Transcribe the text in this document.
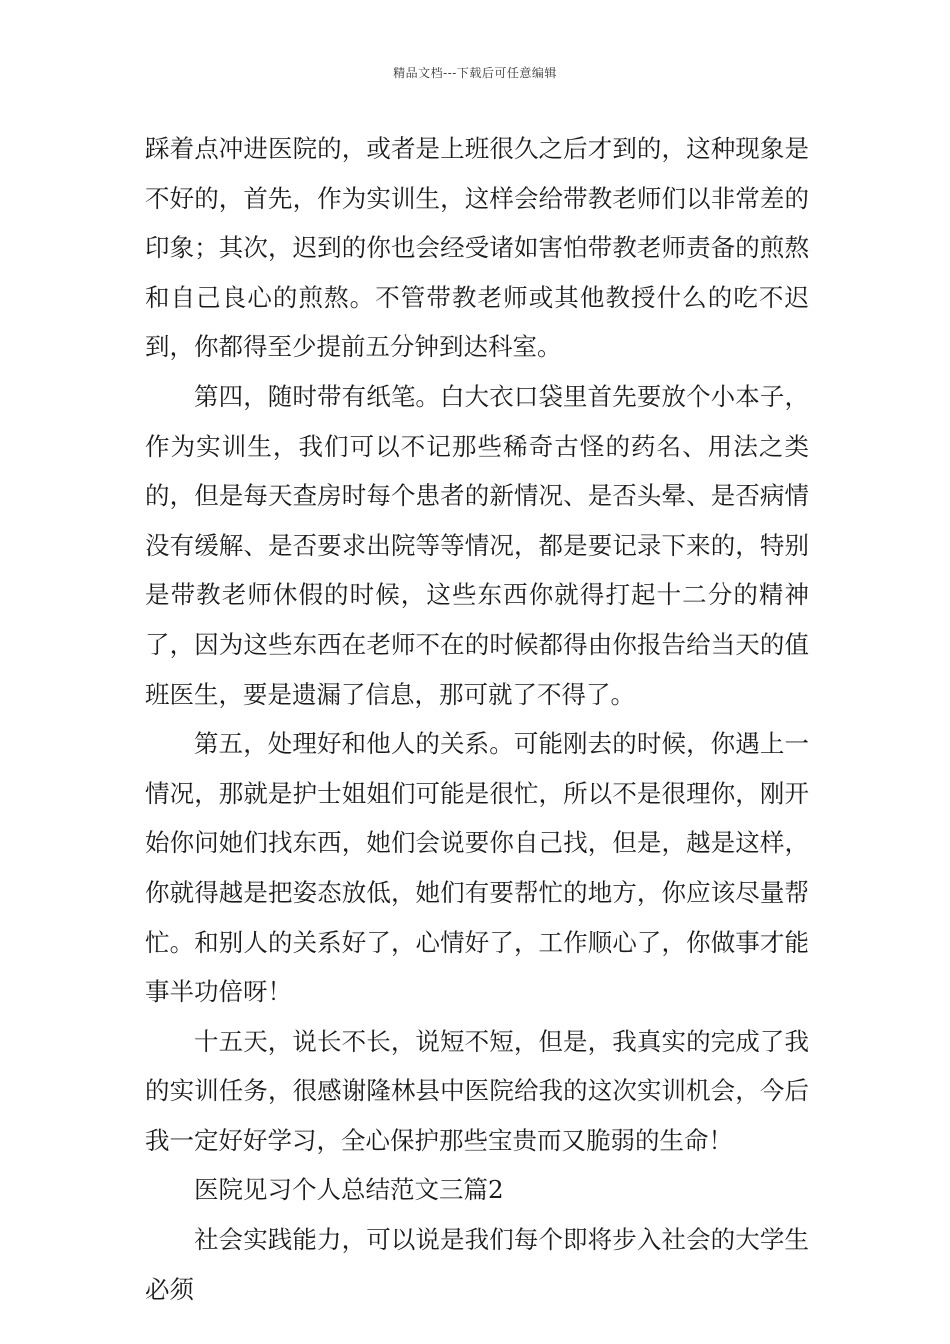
精品文档---下载后可任意编辑

踩着点冲进医院的，或者是上班很久之后才到的，这种现象是不好的，首先，作为实训生，这样会给带教老师们以非常差的印象；其次，迟到的你也会经受诸如害怕带教老师责备的煎熬和自己良心的煎熬。不管带教老师或其他教授什么的吃不迟到，你都得至少提前五分钟到达科室。

第四，随时带有纸笔。白大衣口袋里首先要放个小本子，作为实训生，我们可以不记那些稀奇古怪的药名、用法之类的，但是每天查房时每个患者的新情况、是否头晕、是否病情没有缓解、是否要求出院等等情况，都是要记录下来的，特别是带教老师休假的时候，这些东西你就得打起十二分的精神了，因为这些东西在老师不在的时候都得由你报告给当天的值班医生，要是遗漏了信息，那可就了不得了。

第五，处理好和他人的关系。可能刚去的时候，你遇上一情况，那就是护士姐姐们可能是很忙，所以不是很理你，刚开始你问她们找东西，她们会说要你自己找，但是，越是这样，你就得越是把姿态放低，她们有要帮忙的地方，你应该尽量帮忙。和别人的关系好了，心情好了，工作顺心了，你做事才能事半功倍呀！

十五天，说长不长，说短不短，但是，我真实的完成了我的实训任务，很感谢隆林县中医院给我的这次实训机会，今后我一定好好学习，全心保护那些宝贵而又脆弱的生命！

医院见习个人总结范文三篇2

社会实践能力，可以说是我们每个即将步入社会的大学生必须
